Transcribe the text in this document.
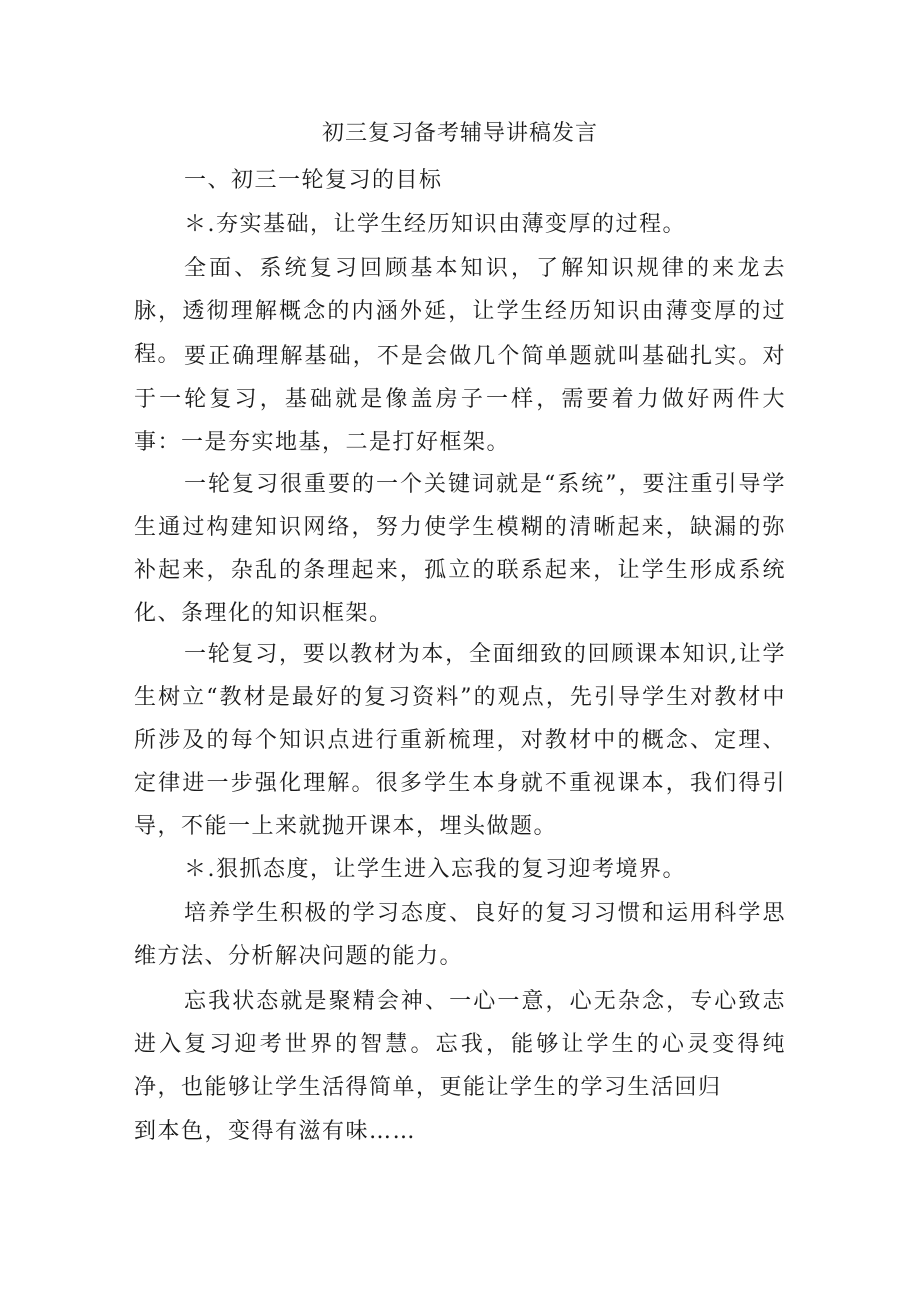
初三复习备考辅导讲稿发言
一、初三一轮复习的目标
＊.夯实基础，让学生经历知识由薄变厚的过程。
全面、系统复习回顾基本知识，了解知识规律的来龙去脉，透彻理解概念的内涵外延，让学生经历知识由薄变厚的过程。 要正确理解基础，不是会做几个简单题就叫基础扎实。对于一轮复习，基础就是像盖房子一样，需要着力做好两件大事：一是夯实地基，二是打好框架。
一轮复习很重要的一个关键词就是“系统”，要注重引导学生通过构建知识网络，努力使学生模糊的清晰起来，缺漏的弥补起来，杂乱的条理起来，孤立的联系起来，让学生形成系统化、条理化的知识框架。
一轮复习，要以教材为本，全面细致的回顾课本知识,让学生树立“教材是最好的复习资料”的观点，先引导学生对教材中所涉及的每个知识点进行重新梳理，对教材中的概念、定理、定律进一步强化理解。很多学生本身就不重视课本，我们得引导，不能一上来就抛开课本，埋头做题。
＊.狠抓态度，让学生进入忘我的复习迎考境界。
培养学生积极的学习态度、良好的复习习惯和运用科学思维方法、分析解决问题的能力。
忘我状态就是聚精会神、一心一意，心无杂念，专心致志进入复习迎考世界的智慧。忘我，能够让学生的心灵变得纯净，也能够让学生活得简单，更能让学生的学习生活回归
到本色，变得有滋有味……
